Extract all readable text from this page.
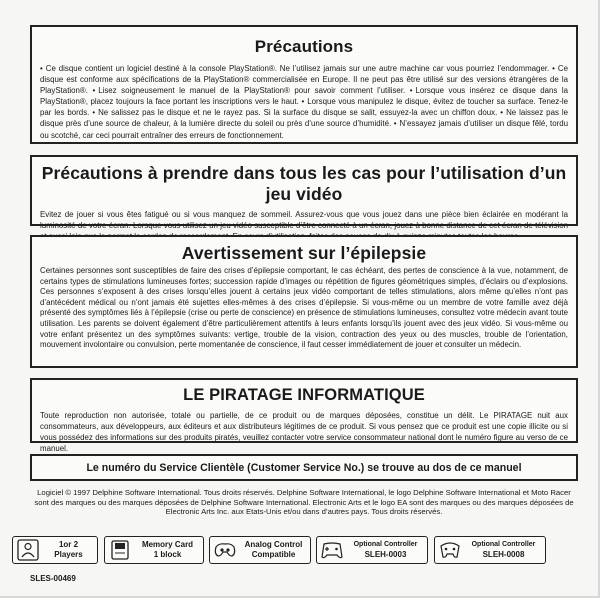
Précautions

• Ce disque contient un logiciel destiné à la console PlayStation®. Ne l’utilisez jamais sur une autre machine car vous pourriez l’endommager. • Ce disque est conforme aux spécifications de la PlayStation® commercialisée en Europe. Il ne peut pas être utilisé sur des versions étrangères de la PlayStation®. • Lisez soigneusement le manuel de la PlayStation® pour savoir comment l’utiliser. • Lorsque vous insérez ce disque dans la PlayStation®, placez toujours la face portant les inscriptions vers le haut. • Lorsque vous manipulez le disque, évitez de toucher sa surface. Tenez-le par les bords. • Ne salissez pas le disque et ne le rayez pas. Si la surface du disque se salit, essuyez-la avec un chiffon doux. • Ne laissez pas le disque près d’une source de chaleur, à la lumière directe du soleil ou près d’une source d’humidité. • N’essayez jamais d’utiliser un disque fêlé, tordu ou scotché, car ceci pourrait entraîner des erreurs de fonctionnement.

Précautions à prendre dans tous les cas pour l’utilisation d’un jeu vidéo

Evitez de jouer si vous êtes fatigué ou si vous manquez de sommeil. Assurez-vous que vous jouez dans une pièce bien éclairée en modérant la luminosité de votre écran. Lorsque vous utilisez un jeu vidéo susceptible d’être connecté à un écran, jouez à bonne distance de cet écran de télévision

Avertissement sur l’épilepsie

Certaines personnes sont susceptibles de faire des crises d’épilepsie comportant, le cas échéant, des pertes de conscience à la vue, notamment, de certains types de stimulations lumineuses fortes; succession rapide d’images ou répétition de figures géométriques simples, d’éclairs ou d’explosions. Ces personnes s’exposent à des crises lorsqu’elles jouent à certains jeux vidéo comportant de telles stimulations, alors même qu’elles n’ont pas d’antécédent médical ou n’ont jamais été sujettes elles-mêmes à des crises d’épilepsie. Si vous-même ou un membre de votre famille avez déjà présenté des symptômes liés à l’épilepsie (crise ou perte de conscience) en présence de stimulations lumineuses, consultez votre médecin avant toute utilisation. Les parents se doivent également d’être particulièrement attentifs à leurs enfants lorsqu’ils jouent avec des jeux vidéo. Si vous-même ou votre enfant présentez un des symptômes suivants: vertige, trouble de la vision, contraction des yeux ou des muscles, trouble de l’orientation, mouvement involontaire ou convulsion, perte momentanée de conscience, il faut cesser immédiatement de jouer et consulter un médecin.

LE PIRATAGE INFORMATIQUE

Toute reproduction non autorisée, totale ou partielle, de ce produit ou de marques déposées, constitue un délit. Le PIRATAGE nuit aux consommateurs, aux développeurs, aux éditeurs et aux distributeurs légitimes de ce produit. Si vous pensez que ce produit est une copie illicite ou si vous possédez des informations sur des produits piratés, veuillez contacter votre service consommateur national dont le numéro figure au verso de ce manuel.

Le numéro du Service Clientèle (Customer Service No.) se trouve au dos de ce manuel
Logiciel © 1997 Delphine Software International. Tous droits réservés. Delphine Software International, le logo Delphine Software International et Moto Racer sont des marques ou des marques déposées de Delphine Software International. Electronic Arts et le logo EA sont des marques ou des marques déposées de Electronic Arts Inc. aux Etats-Unis et/ou dans d’autres pays. Tous droits réservés.
1or 2
Players
Memory Card
1 block
Analog Control
Compatible
Optional Controller
SLEH-0003
Optional Controller
SLEH-0008
SLES-00469
